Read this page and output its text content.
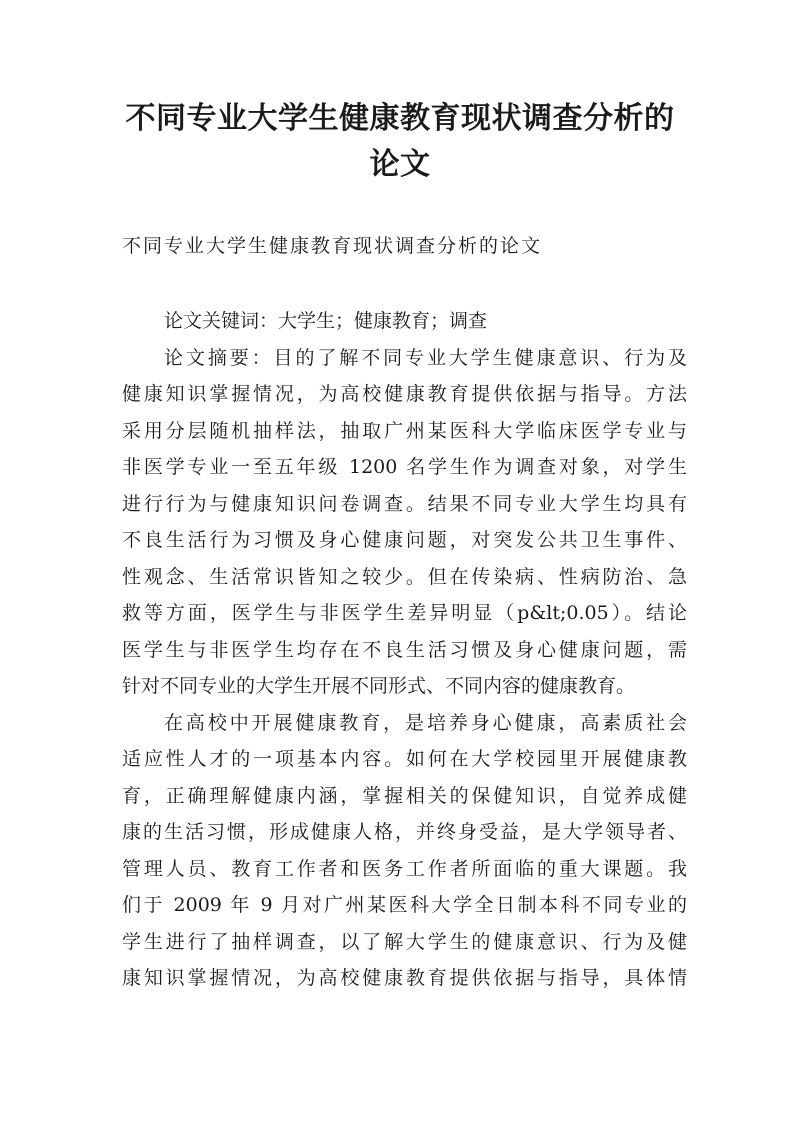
不同专业大学生健康教育现状调查分析的
论文

不同专业大学生健康教育现状调查分析的论文

论文关键词：大学生；健康教育；调查
论文摘要：目的了解不同专业大学生健康意识、行为及
健康知识掌握情况，为高校健康教育提供依据与指导。方法
采用分层随机抽样法，抽取广州某医科大学临床医学专业与
非医学专业一至五年级 1200 名学生作为调查对象，对学生
进行行为与健康知识问卷调查。结果不同专业大学生均具有
不良生活行为习惯及身心健康问题，对突发公共卫生事件、
性观念、生活常识皆知之较少。但在传染病、性病防治、急
救等方面，医学生与非医学生差异明显（p&lt;0.05）。结论
医学生与非医学生均存在不良生活习惯及身心健康问题，需
针对不同专业的大学生开展不同形式、不同内容的健康教育。
在高校中开展健康教育，是培养身心健康，高素质社会
适应性人才的一项基本内容。如何在大学校园里开展健康教
育，正确理解健康内涵，掌握相关的保健知识，自觉养成健
康的生活习惯，形成健康人格，并终身受益，是大学领导者、
管理人员、教育工作者和医务工作者所面临的重大课题。我
们于 2009 年 9 月对广州某医科大学全日制本科不同专业的
学生进行了抽样调查，以了解大学生的健康意识、行为及健
康知识掌握情况，为高校健康教育提供依据与指导，具体情
